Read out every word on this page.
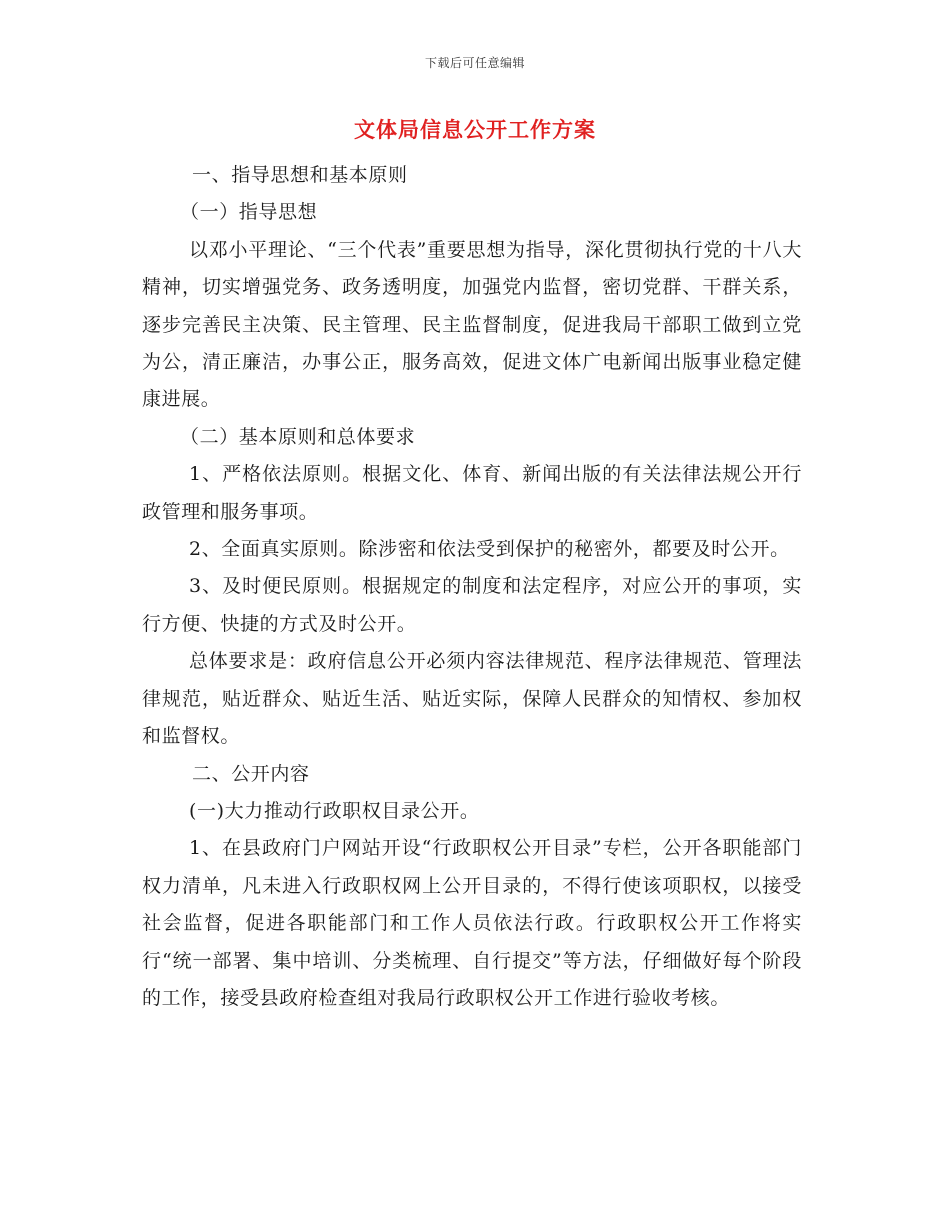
下载后可任意编辑
文体局信息公开工作方案

一、指导思想和基本原则

（一）指导思想

以邓小平理论、“三个代表”重要思想为指导，深化贯彻执行党的十八大精神，切实增强党务、政务透明度，加强党内监督，密切党群、干群关系，逐步完善民主决策、民主管理、民主监督制度，促进我局干部职工做到立党为公，清正廉洁，办事公正，服务高效，促进文体广电新闻出版事业稳定健康进展。

（二）基本原则和总体要求

1、严格依法原则。根据文化、体育、新闻出版的有关法律法规公开行政管理和服务事项。

2、全面真实原则。除涉密和依法受到保护的秘密外，都要及时公开。

3、及时便民原则。根据规定的制度和法定程序，对应公开的事项，实行方便、快捷的方式及时公开。

总体要求是：政府信息公开必须内容法律规范、程序法律规范、管理法律规范，贴近群众、贴近生活、贴近实际，保障人民群众的知情权、参加权和监督权。

二、公开内容

(一)大力推动行政职权目录公开。

1、在县政府门户网站开设“行政职权公开目录”专栏，公开各职能部门权力清单，凡未进入行政职权网上公开目录的，不得行使该项职权，以接受社会监督，促进各职能部门和工作人员依法行政。行政职权公开工作将实行“统一部署、集中培训、分类梳理、自行提交”等方法，仔细做好每个阶段的工作，接受县政府检查组对我局行政职权公开工作进行验收考核。
